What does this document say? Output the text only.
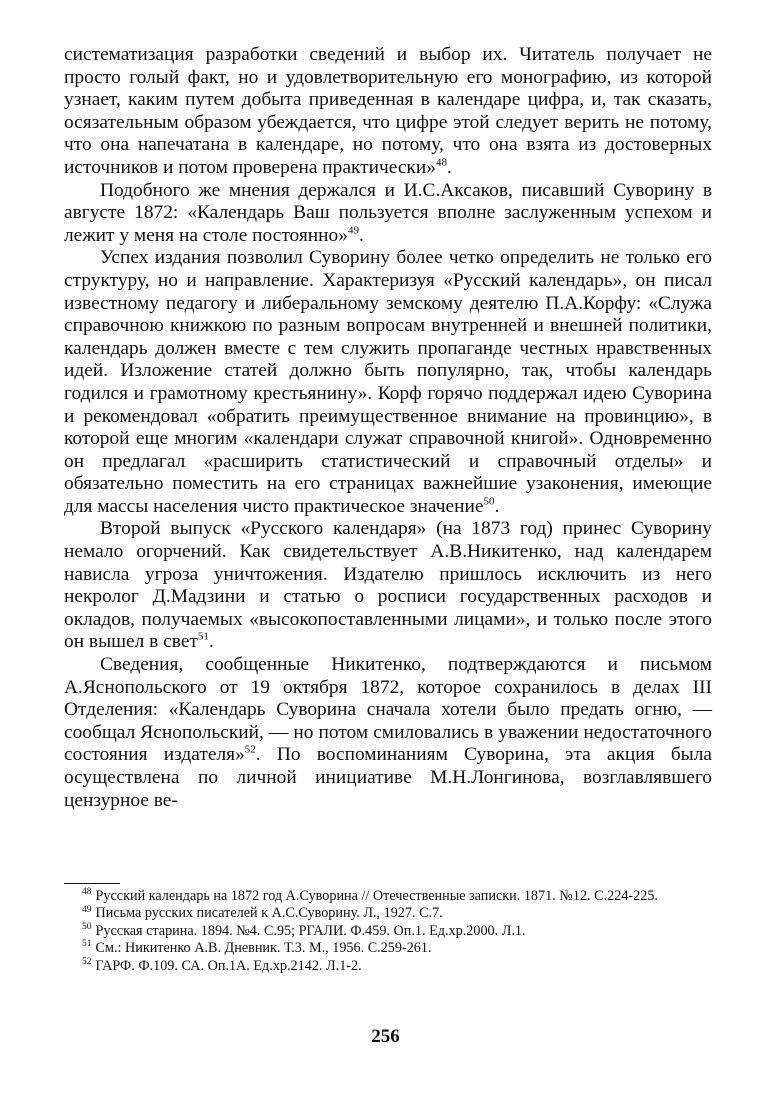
систематизация разработки сведений и выбор их. Читатель получает не просто голый факт, но и удовлетворительную его монографию, из которой узнает, каким путем добыта приведенная в календаре цифра, и, так сказать, осязательным образом убеждается, что цифре этой следует верить не потому, что она напечатана в календаре, но потому, что она взята из достоверных источников и потом проверена практически»$^{48}$.

Подобного же мнения держался и И.С.Аксаков, писавший Суворину в августе 1872: «Календарь Ваш пользуется вполне заслуженным успехом и лежит у меня на столе постоянно»$^{49}$.

Успех издания позволил Суворину более четко определить не только его структуру, но и направление. Характеризуя «Русский календарь», он писал известному педагогу и либеральному земскому деятелю П.А.Корфу: «Служа справочною книжкою по разным вопросам внутренней и внешней политики, календарь должен вместе с тем служить пропаганде честных нравственных идей. Изложение статей должно быть популярно, так, чтобы календарь годился и грамотному крестьянину». Корф горячо поддержал идею Суворина и рекомендовал «обратить преимущественное внимание на провинцию», в которой еще многим «календари служат справочной книгой». Одновременно он предлагал «расширить статистический и справочный отделы» и обязательно поместить на его страницах важнейшие узаконения, имеющие для массы населения чисто практическое значение$^{50}$.

Второй выпуск «Русского календаря» (на 1873 год) принес Суворину немало огорчений. Как свидетельствует А.В.Никитенко, над календарем нависла угроза уничтожения. Издателю пришлось исключить из него некролог Д.Мадзини и статью о росписи государственных расходов и окладов, получаемых «высокопоставленными лицами», и только после этого он вышел в свет$^{51}$.

Сведения, сообщенные Никитенко, подтверждаются и письмом А.Яснопольского от 19 октября 1872, которое сохранилось в делах III Отделения: «Календарь Суворина сначала хотели было предать огню, — сообщал Яснопольский, — но потом смиловались в уважении недостаточного состояния издателя»$^{52}$. По воспоминаниям Суворина, эта акция была осуществлена по личной инициативе М.Н.Лонгинова, возглавлявшего цензурное ве-

$^{48}$ Русский календарь на 1872 год А.Суворина // Отечественные записки. 1871. №12. С.224-225.

$^{49}$ Письма русских писателей к А.С.Суворину. Л., 1927. С.7.

$^{50}$ Русская старина. 1894. №4. С.95; РГАЛИ. Ф.459. Оп.1. Ед.хр.2000. Л.1.

$^{51}$ См.: Никитенко А.В. Дневник. Т.3. М., 1956. С.259-261.

$^{52}$ ГАРФ. Ф.109. СА. Оп.1А. Ед.хр.2142. Л.1-2.

256
